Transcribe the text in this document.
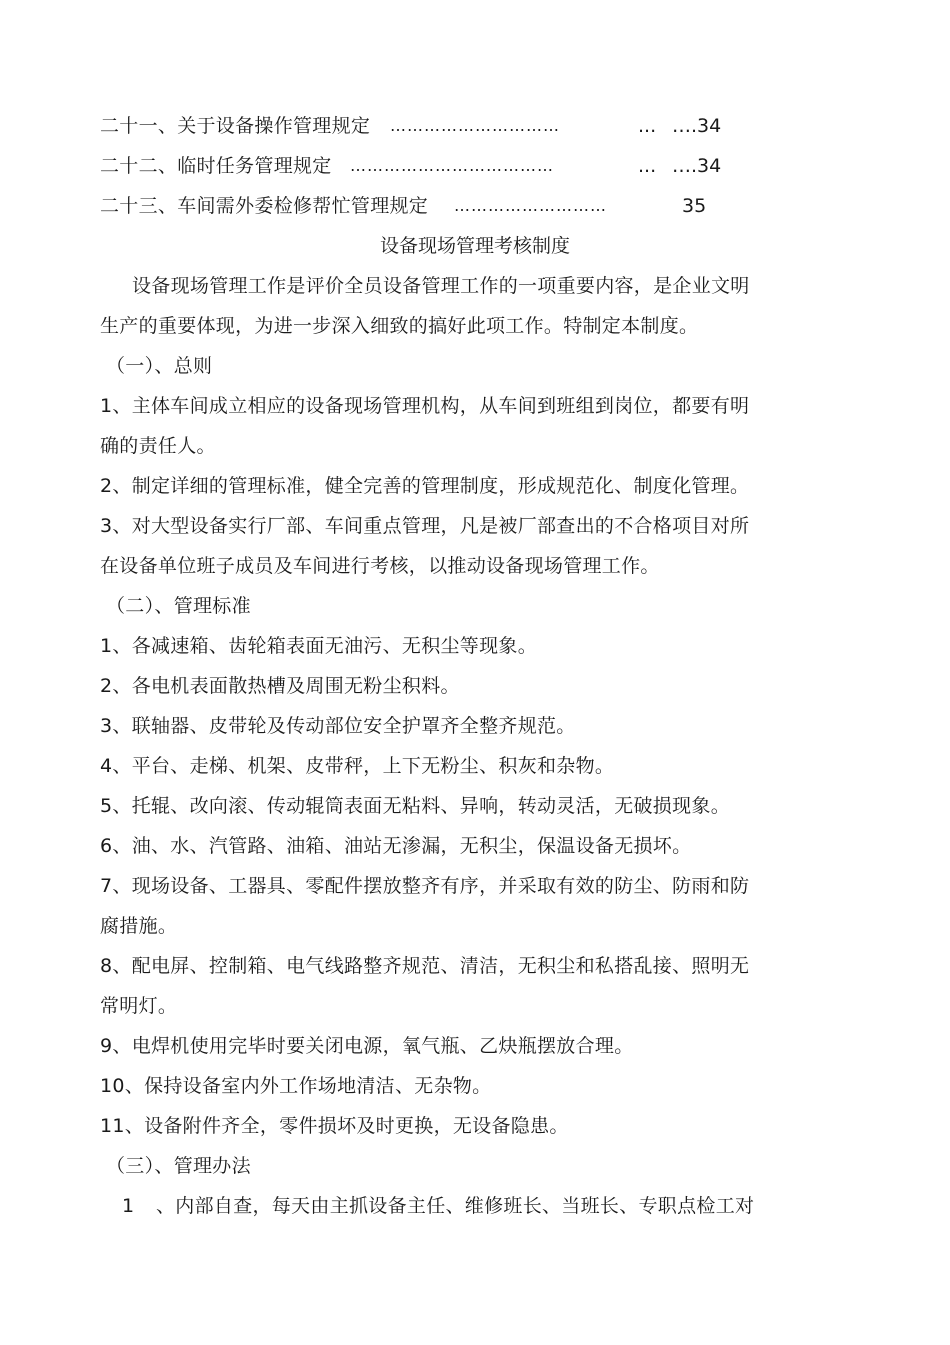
二十一、关于设备操作管理规定 …………………………	... ….34
二十二、临时任务管理规定 ………………………………	... ….34
二十三、车间需外委检修帮忙管理规定 ………………………	35
设备现场管理考核制度
设备现场管理工作是评价全员设备管理工作的一项重要内容，是企业文明
生产的重要体现，为进一步深入细致的搞好此项工作。特制定本制度。
（一）、总则
1、主体车间成立相应的设备现场管理机构，从车间到班组到岗位，都要有明
确的责任人。
2、制定详细的管理标准，健全完善的管理制度，形成规范化、制度化管理。
3、对大型设备实行厂部、车间重点管理，凡是被厂部查出的不合格项目对所
在设备单位班子成员及车间进行考核，以推动设备现场管理工作。
（二）、管理标准
1、各减速箱、齿轮箱表面无油污、无积尘等现象。
2、各电机表面散热槽及周围无粉尘积料。
3、联轴器、皮带轮及传动部位安全护罩齐全整齐规范。
4、平台、走梯、机架、皮带秤，上下无粉尘、积灰和杂物。
5、托辊、改向滚、传动辊筒表面无粘料、异响，转动灵活，无破损现象。
6、油、水、汽管路、油箱、油站无渗漏，无积尘，保温设备无损坏。
7、现场设备、工器具、零配件摆放整齐有序，并采取有效的防尘、防雨和防
腐措施。
8、配电屏、控制箱、电气线路整齐规范、清洁，无积尘和私搭乱接、照明无
常明灯。
9、电焊机使用完毕时要关闭电源，氧气瓶、乙炔瓶摆放合理。
10、保持设备室内外工作场地清洁、无杂物。
11、设备附件齐全，零件损坏及时更换，无设备隐患。
（三）、管理办法
1 、内部自查，每天由主抓设备主任、维修班长、当班长、专职点检工对
